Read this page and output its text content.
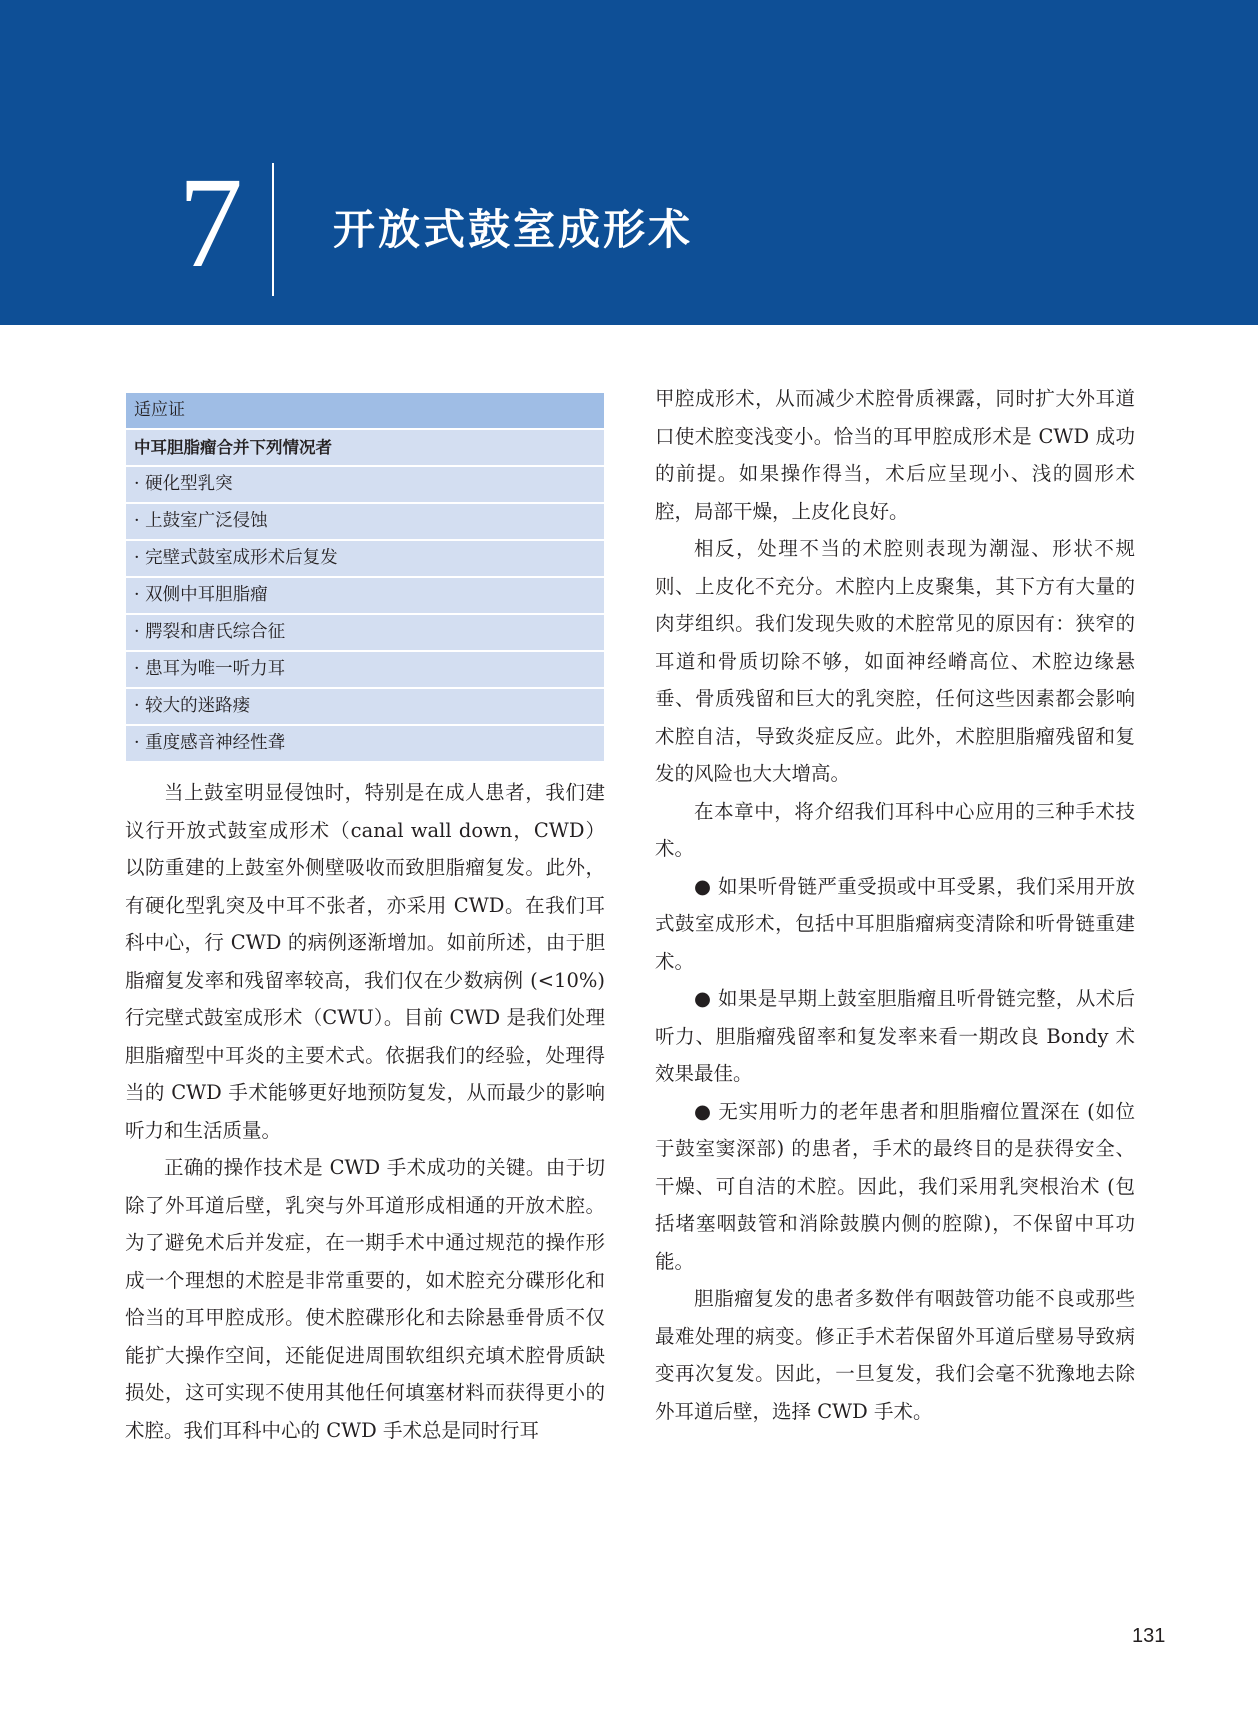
7	开放式鼓室成形术
适应证
中耳胆脂瘤合并下列情况者
· 硬化型乳突
· 上鼓室广泛侵蚀
· 完壁式鼓室成形术后复发
· 双侧中耳胆脂瘤
· 腭裂和唐氏综合征
· 患耳为唯一听力耳
· 较大的迷路瘘
· 重度感音神经性聋

当上鼓室明显侵蚀时，特别是在成人患者，我们建议行开放式鼓室成形术（canal wall down，CWD）以防重建的上鼓室外侧壁吸收而致胆脂瘤复发。此外，有硬化型乳突及中耳不张者，亦采用 CWD。在我们耳科中心，行 CWD 的病例逐渐增加。如前所述，由于胆脂瘤复发率和残留率较高，我们仅在少数病例 (<10%) 行完壁式鼓室成形术（CWU）。目前 CWD 是我们处理胆脂瘤型中耳炎的主要术式。依据我们的经验，处理得当的 CWD 手术能够更好地预防复发，从而最少的影响听力和生活质量。

正确的操作技术是 CWD 手术成功的关键。由于切除了外耳道后壁，乳突与外耳道形成相通的开放术腔。为了避免术后并发症，在一期手术中通过规范的操作形成一个理想的术腔是非常重要的，如术腔充分碟形化和恰当的耳甲腔成形。使术腔碟形化和去除悬垂骨质不仅能扩大操作空间，还能促进周围软组织充填术腔骨质缺损处，这可实现不使用其他任何填塞材料而获得更小的术腔。我们耳科中心的 CWD 手术总是同时行耳

甲腔成形术，从而减少术腔骨质裸露，同时扩大外耳道口使术腔变浅变小。恰当的耳甲腔成形术是 CWD 成功的前提。如果操作得当，术后应呈现小、浅的圆形术腔，局部干燥，上皮化良好。

相反，处理不当的术腔则表现为潮湿、形状不规则、上皮化不充分。术腔内上皮聚集，其下方有大量的肉芽组织。我们发现失败的术腔常见的原因有：狭窄的耳道和骨质切除不够，如面神经嵴高位、术腔边缘悬垂、骨质残留和巨大的乳突腔，任何这些因素都会影响术腔自洁，导致炎症反应。此外，术腔胆脂瘤残留和复发的风险也大大增高。

在本章中，将介绍我们耳科中心应用的三种手术技术。

● 如果听骨链严重受损或中耳受累，我们采用开放式鼓室成形术，包括中耳胆脂瘤病变清除和听骨链重建术。

● 如果是早期上鼓室胆脂瘤且听骨链完整，从术后听力、胆脂瘤残留率和复发率来看一期改良 Bondy 术效果最佳。

● 无实用听力的老年患者和胆脂瘤位置深在 (如位于鼓室窦深部) 的患者，手术的最终目的是获得安全、干燥、可自洁的术腔。因此，我们采用乳突根治术 (包括堵塞咽鼓管和消除鼓膜内侧的腔隙)，不保留中耳功能。

胆脂瘤复发的患者多数伴有咽鼓管功能不良或那些最难处理的病变。修正手术若保留外耳道后壁易导致病变再次复发。因此，一旦复发，我们会毫不犹豫地去除外耳道后壁，选择 CWD 手术。

131
